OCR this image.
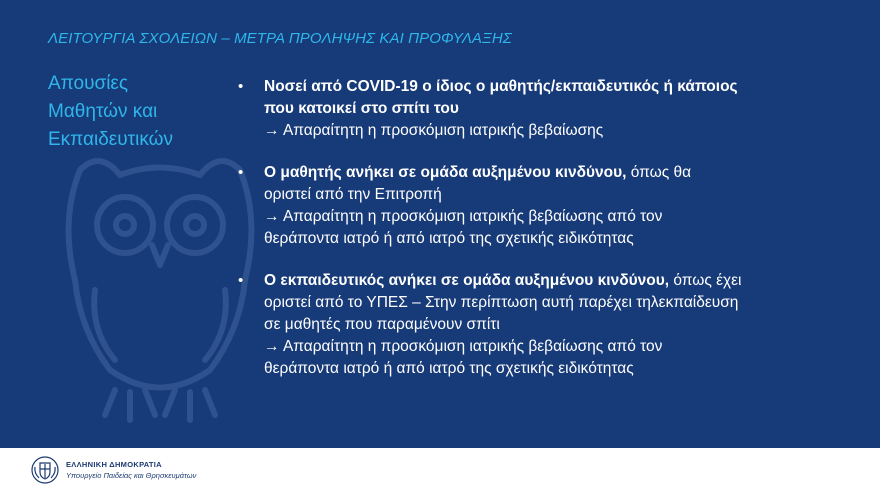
ΛΕΙΤΟΥΡΓΙΑ ΣΧΟΛΕΙΩΝ – ΜΕΤΡΑ ΠΡΟΛΗΨΗΣ ΚΑΙ ΠΡΟΦΥΛΑΞΗΣ
Απουσίες
Μαθητών και
Εκπαιδευτικών
• Νοσεί από COVID-19 ο ίδιος ο μαθητής/εκπαιδευτικός ή κάποιος
που κατοικεί στο σπίτι του
→ Απαραίτητη η προσκόμιση ιατρικής βεβαίωσης
• Ο μαθητής ανήκει σε ομάδα αυξημένου κινδύνου, όπως θα
οριστεί από την Επιτροπή
→ Απαραίτητη η προσκόμιση ιατρικής βεβαίωσης από τον
θεράποντα ιατρό ή από ιατρό της σχετικής ειδικότητας
• Ο εκπαιδευτικός ανήκει σε ομάδα αυξημένου κινδύνου, όπως έχει
οριστεί από το ΥΠΕΣ – Στην περίπτωση αυτή παρέχει τηλεκπαίδευση
σε μαθητές που παραμένουν σπίτι
→ Απαραίτητη η προσκόμιση ιατρικής βεβαίωσης από τον
θεράποντα ιατρό ή από ιατρό της σχετικής ειδικότητας
ΕΛΛΗΝΙΚΗ ΔΗΜΟΚΡΑΤΙΑ
Υπουργείο Παιδείας και Θρησκευμάτων
